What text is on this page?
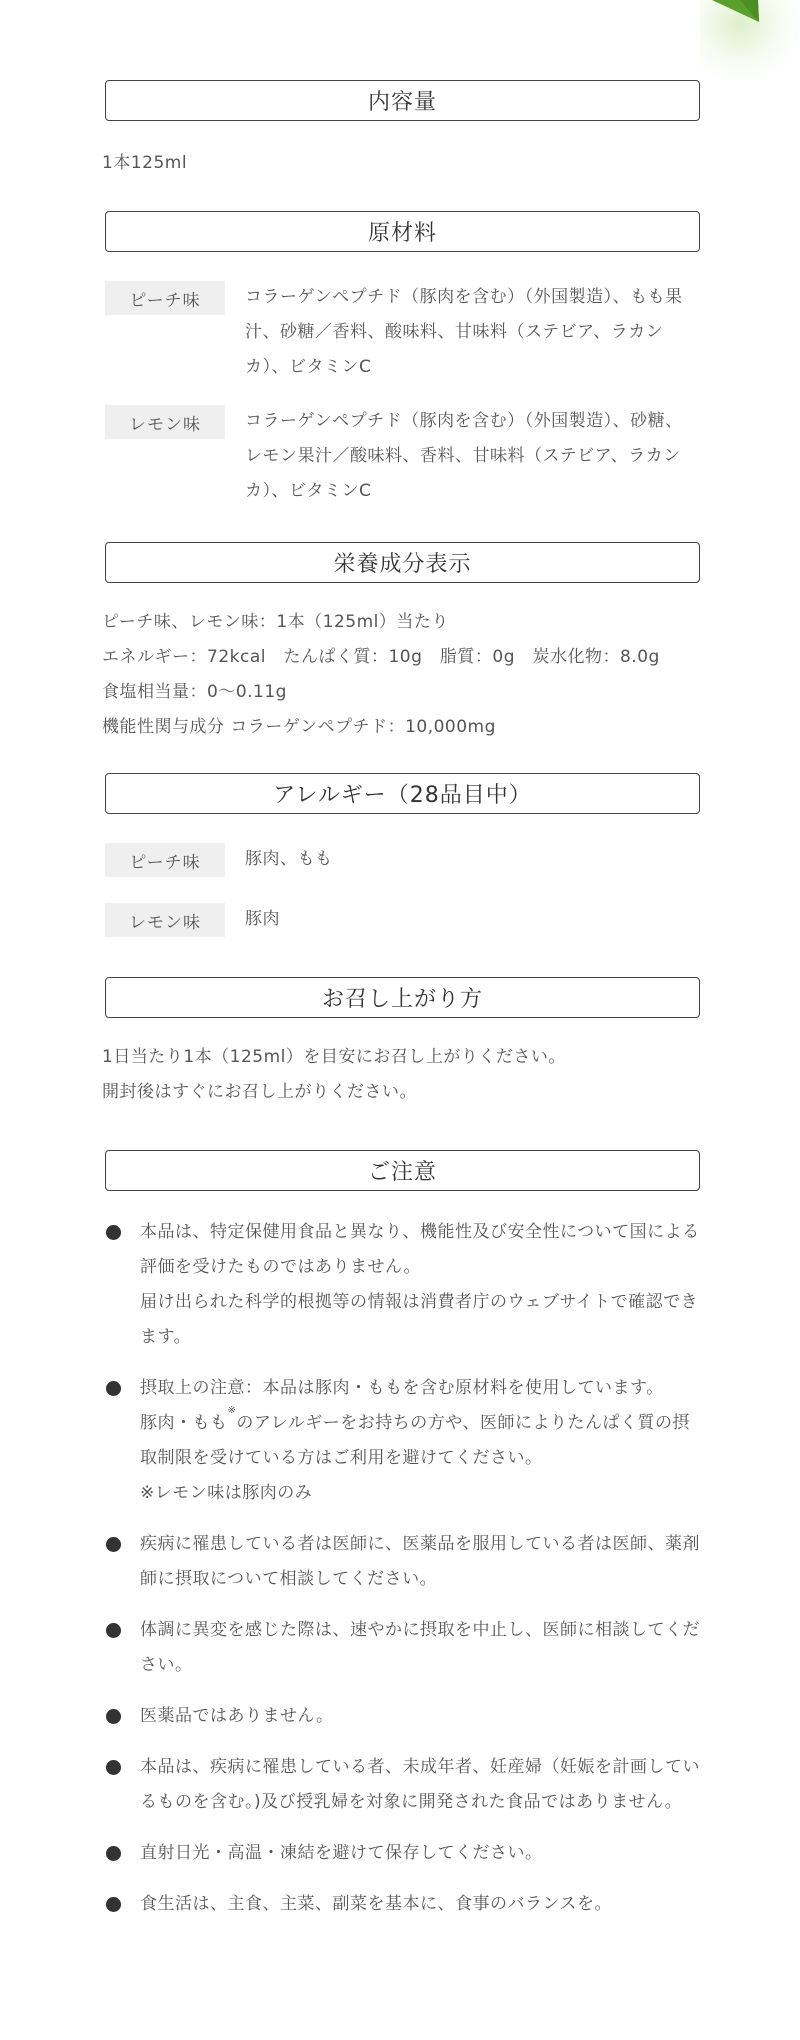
内容量
1本125ml
原材料
ピーチ味	コラーゲンペプチド（豚肉を含む）（外国製造）、もも果汁、砂糖／香料、酸味料、甘味料（ステビア、ラカンカ）、ビタミンC
レモン味	コラーゲンペプチド（豚肉を含む）（外国製造）、砂糖、レモン果汁／酸味料、香料、甘味料（ステビア、ラカンカ）、ビタミンC
栄養成分表示
ピーチ味、レモン味：1本（125ml）当たり
エネルギー：72kcal　たんぱく質：10g　脂質：0g　炭水化物：8.0g
食塩相当量：0～0.11g
機能性関与成分 コラーゲンペプチド：10,000mg
アレルギー（28品目中）
ピーチ味	豚肉、もも
レモン味	豚肉
お召し上がり方
1日当たり1本（125ml）を目安にお召し上がりください。
開封後はすぐにお召し上がりください。
ご注意

本品は、特定保健用食品と異なり、機能性及び安全性について国による評価を受けたものではありません。

届け出られた科学的根拠等の情報は消費者庁のウェブサイトで確認できます。

摂取上の注意：本品は豚肉・ももを含む原材料を使用しています。

豚肉・もも※のアレルギーをお持ちの方や、医師によりたんぱく質の摂取制限を受けている方はご利用を避けてください。

※レモン味は豚肉のみ

疾病に罹患している者は医師に、医薬品を服用している者は医師、薬剤師に摂取について相談してください。

体調に異変を感じた際は、速やかに摂取を中止し、医師に相談してください。

医薬品ではありません。

本品は、疾病に罹患している者、未成年者、妊産婦（妊娠を計画しているものを含む。)及び授乳婦を対象に開発された食品ではありません。

直射日光・高温・凍結を避けて保存してください。

食生活は、主食、主菜、副菜を基本に、食事のバランスを。
